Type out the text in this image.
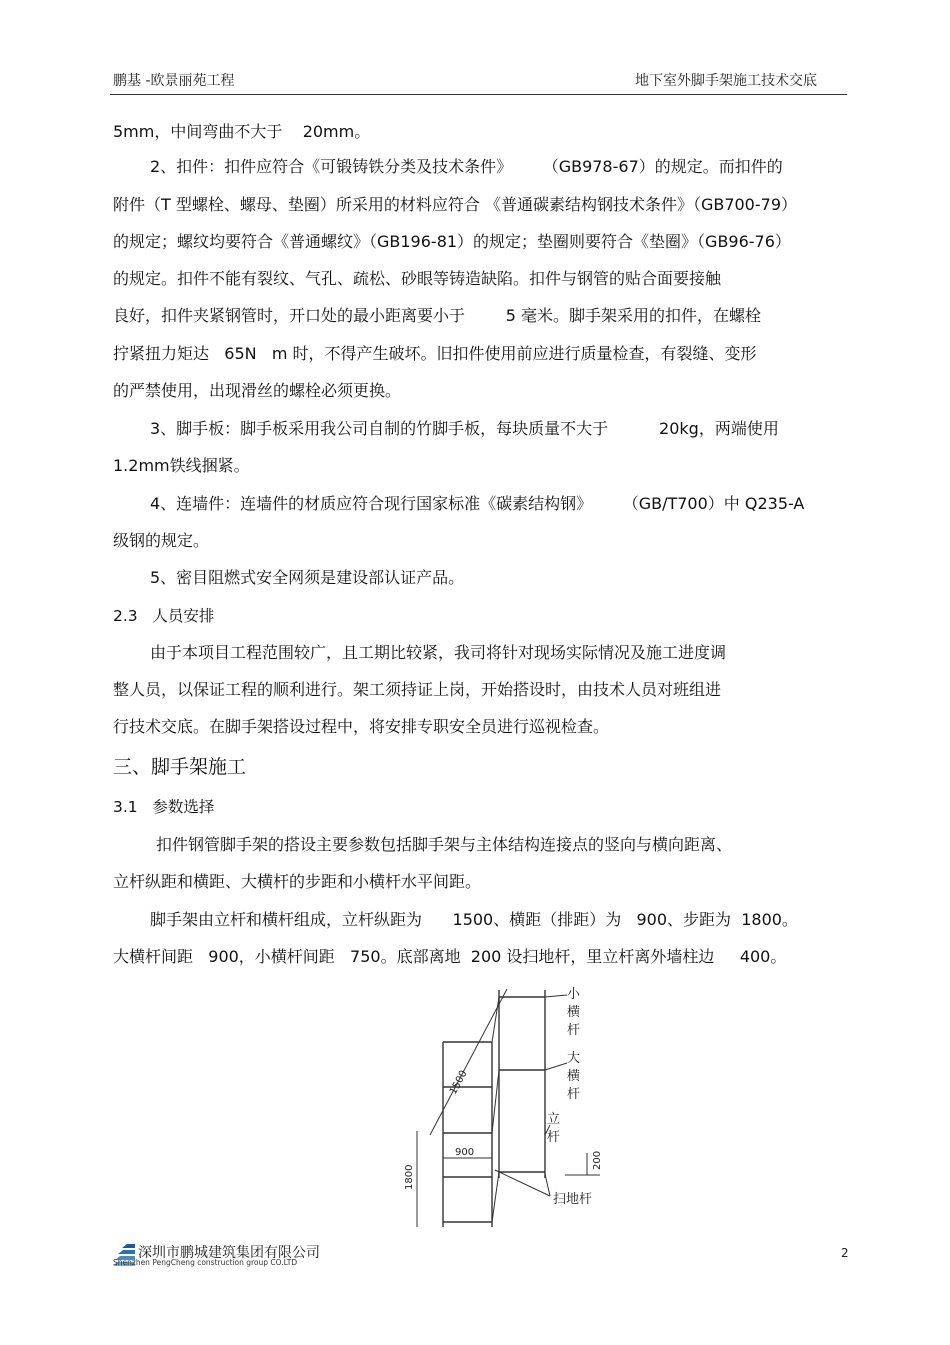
鹏基 -欧景丽苑工程	地下室外脚手架施工技术交底
5mm，中间弯曲不大于    20mm。
2、扣件：扣件应符合《可锻铸铁分类及技术条件》      （GB978-67）的规定。而扣件的
附件（T 型螺栓、螺母、垫圈）所采用的材料应符合 《普通碳素结构钢技术条件》（GB700-79）
的规定；螺纹均要符合《普通螺纹》（GB196-81）的规定；垫圈则要符合《垫圈》（GB96-76）
的规定。扣件不能有裂纹、气孔、疏松、砂眼等铸造缺陷。扣件与钢管的贴合面要接触
良好，扣件夹紧钢管时，开口处的最小距离要小于        5 毫米。脚手架采用的扣件，在螺栓
拧紧扭力矩达   65N   m 时，不得产生破坏。旧扣件使用前应进行质量检查，有裂缝、变形
的严禁使用，出现滑丝的螺栓必须更换。
3、脚手板：脚手板采用我公司自制的竹脚手板，每块质量不大于          20kg，两端使用
1.2mm铁线捆紧。
4、连墙件：连墙件的材质应符合现行国家标准《碳素结构钢》      （GB/T700）中 Q235-A
级钢的规定。
5、密目阻燃式安全网须是建设部认证产品。
2.3   人员安排
由于本项目工程范围较广，且工期比较紧，我司将针对现场实际情况及施工进度调
整人员，以保证工程的顺利进行。架工须持证上岗，开始搭设时，由技术人员对班组进
行技术交底。在脚手架搭设过程中，将安排专职安全员进行巡视检查。
三、脚手架施工
3.1   参数选择
扣件钢管脚手架的搭设主要参数包括脚手架与主体结构连接点的竖向与横向距离、
立杆纵距和横距、大横杆的步距和小横杆水平间距。
脚手架由立杆和横杆组成，立杆纵距为      1500、横距（排距）为   900、步距为  1800。
大横杆间距   900，小横杆间距   750。底部离地  200 设扫地杆，里立杆离外墙柱边     400。
1500
900
1800
200
小
横
杆
大
横
杆
立
杆
扫地杆
深圳市鹏城建筑集团有限公司
Shenzhen PengCheng construction group CO.LTD
2
